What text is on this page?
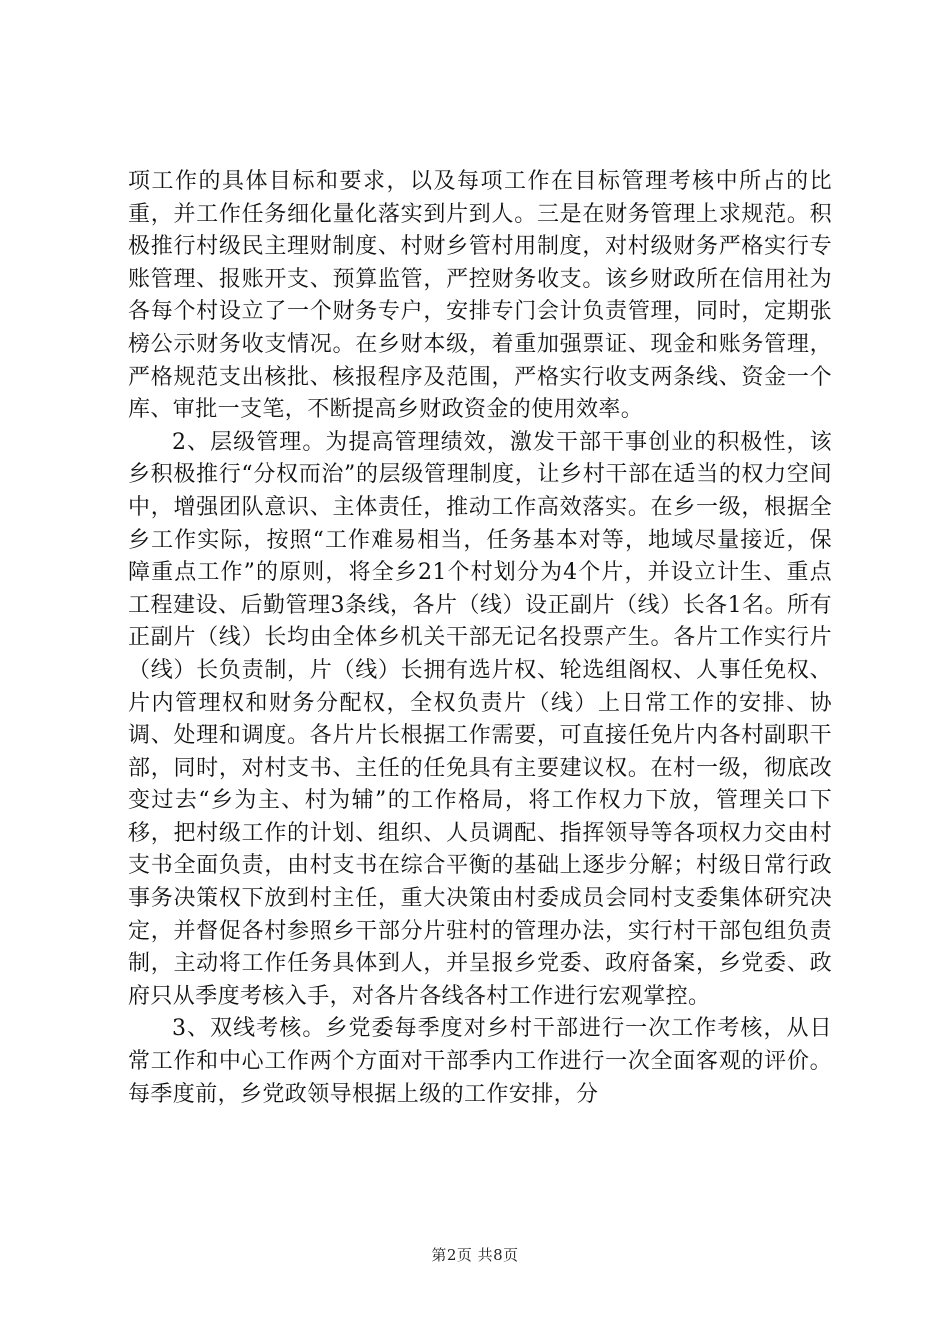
项工作的具体目标和要求，以及每项工作在目标管理考核中所占的比重，并工作任务细化量化落实到片到人。三是在财务管理上求规范。积极推行村级民主理财制度、村财乡管村用制度，对村级财务严格实行专账管理、报账开支、预算监管，严控财务收支。该乡财政所在信用社为各每个村设立了一个财务专户，安排专门会计负责管理，同时，定期张榜公示财务收支情况。在乡财本级，着重加强票证、现金和账务管理，严格规范支出核批、核报程序及范围，严格实行收支两条线、资金一个库、审批一支笔，不断提高乡财政资金的使用效率。

2、层级管理。为提高管理绩效，激发干部干事创业的积极性，该乡积极推行“分权而治”的层级管理制度，让乡村干部在适当的权力空间中，增强团队意识、主体责任，推动工作高效落实。在乡一级，根据全乡工作实际，按照“工作难易相当，任务基本对等，地域尽量接近，保障重点工作”的原则，将全乡21个村划分为4个片，并设立计生、重点工程建设、后勤管理3条线，各片（线）设正副片（线）长各1名。所有正副片（线）长均由全体乡机关干部无记名投票产生。各片工作实行片（线）长负责制，片（线）长拥有选片权、轮选组阁权、人事任免权、片内管理权和财务分配权，全权负责片（线）上日常工作的安排、协调、处理和调度。各片片长根据工作需要，可直接任免片内各村副职干部，同时，对村支书、主任的任免具有主要建议权。在村一级，彻底改变过去“乡为主、村为辅”的工作格局，将工作权力下放，管理关口下移，把村级工作的计划、组织、人员调配、指挥领导等各项权力交由村支书全面负责，由村支书在综合平衡的基础上逐步分解；村级日常行政事务决策权下放到村主任，重大决策由村委成员会同村支委集体研究决定，并督促各村参照乡干部分片驻村的管理办法，实行村干部包组负责制，主动将工作任务具体到人，并呈报乡党委、政府备案，乡党委、政府只从季度考核入手，对各片各线各村工作进行宏观掌控。

3、双线考核。乡党委每季度对乡村干部进行一次工作考核，从日常工作和中心工作两个方面对干部季内工作进行一次全面客观的评价。每季度前，乡党政领导根据上级的工作安排，分

第2页 共8页
